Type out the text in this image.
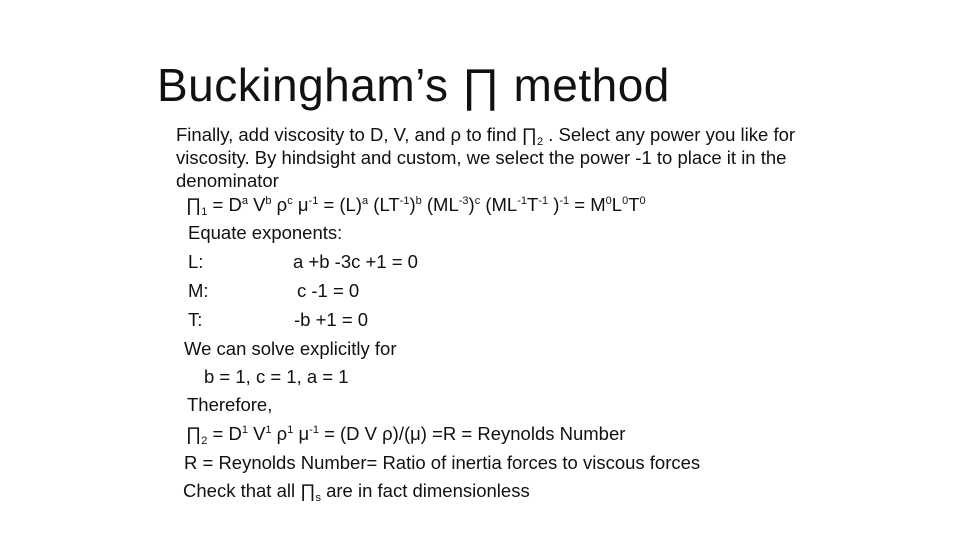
Buckingham’s ∏ method
Finally, add viscosity to D, V, and ρ to find $\prod_2$ . Select any power you like for viscosity. By hindsight and custom, we select the power -1 to place it in the denominator
$\prod_1 = D^a$ $V^b$ $\rho^c$ $\mu^{-1} = (L)^a$ $(LT^{-1})^b$ $(ML^{-3})^c$ ($ML^{-1}T^{-1}$ )$^{-1} = M^0L^0T^0$
Equate exponents:
L:	a +b -3c +1 = 0
M:	c -1 = 0
T:	-b +1 = 0
We can solve explicitly for
b = 1, c = 1, a = 1
Therefore,
$\prod_2 = D^1$ $V^1$ $\rho^1$ $\mu^{-1} = (D$ V ρ)/(μ) =R = Reynolds Number
R = Reynolds Number= Ratio of inertia forces to viscous forces
Check that all $\prod_s$ are in fact dimensionless
